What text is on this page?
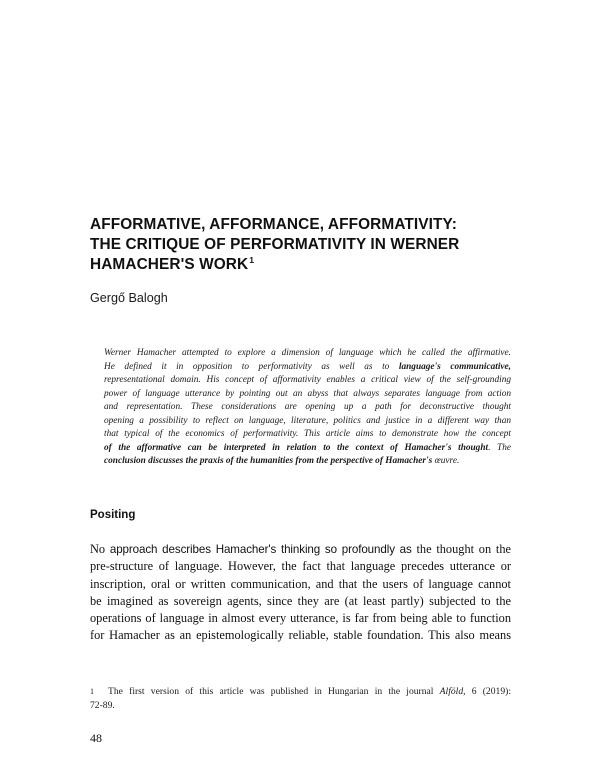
AFFORMATIVE, AFFORMANCE, AFFORMATIVITY:
THE CRITIQUE OF PERFORMATIVITY IN WERNER
HAMACHER'S WORK$^1$
Gergő Balogh
Werner Hamacher attempted to explore a dimension of language which he called the affirmative.
He defined it in opposition to performativity as well as to language's communicative,
representational domain. His concept of afformativity enables a critical view of the self-grounding
power of language utterance by pointing out an abyss that always separates language from action
and representation. These considerations are opening up a path for deconstructive thought
opening a possibility to reflect on language, literature, politics and justice in a different way than
that typical of the economics of performativity. This article aims to demonstrate how the concept
of the afformative can be interpreted in relation to the context of Hamacher's thought. The
conclusion discusses the praxis of the humanities from the perspective of Hamacher's œuvre.
Positing
No approach describes Hamacher's thinking so profoundly as the thought on the
pre-structure of language. However, the fact that language precedes utterance or
inscription, oral or written communication, and that the users of language cannot
be imagined as sovereign agents, since they are (at least partly) subjected to the
operations of language in almost every utterance, is far from being able to function
for Hamacher as an epistemologically reliable, stable foundation. This also means
1 The first version of this article was published in Hungarian in the journal Alföld, 6 (2019):
72-89.
48
